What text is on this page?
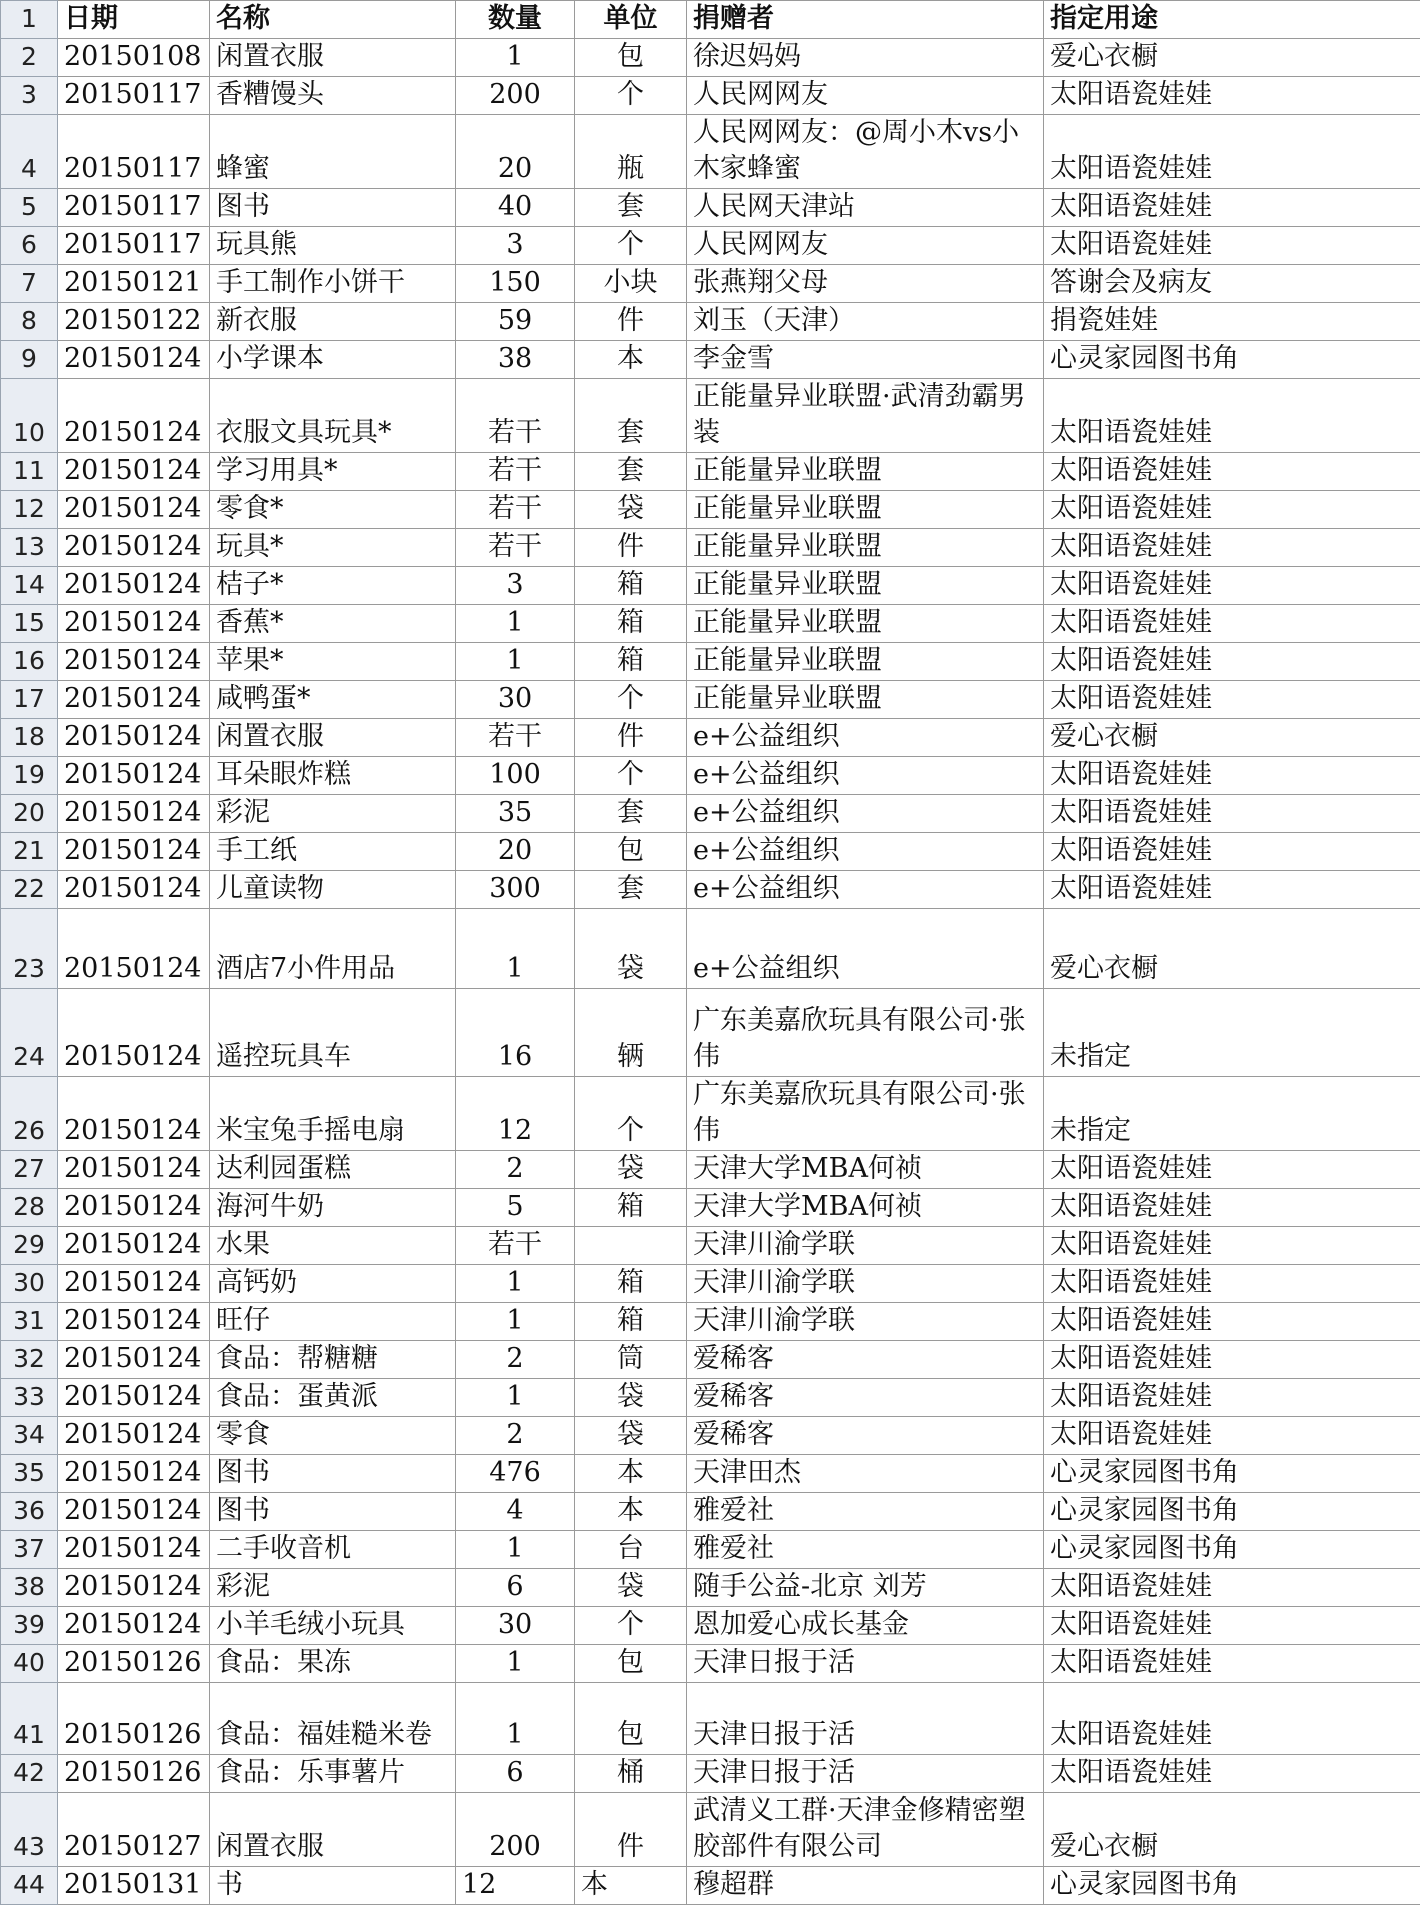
1	日期	名称	数量	单位	捐赠者	指定用途
2	20150108	闲置衣服	1	包	徐迟妈妈	爱心衣橱
3	20150117	香糟馒头	200	个	人民网网友	太阳语瓷娃娃
4	20150117	蜂蜜	20	瓶	人民网网友：@周小木vs小木家蜂蜜	太阳语瓷娃娃
5	20150117	图书	40	套	人民网天津站	太阳语瓷娃娃
6	20150117	玩具熊	3	个	人民网网友	太阳语瓷娃娃
7	20150121	手工制作小饼干	150	小块	张燕翔父母	答谢会及病友
8	20150122	新衣服	59	件	刘玉（天津）	捐瓷娃娃
9	20150124	小学课本	38	本	李金雪	心灵家园图书角
10	20150124	衣服文具玩具*	若干	套	正能量异业联盟·武清劲霸男装	太阳语瓷娃娃
11	20150124	学习用具*	若干	套	正能量异业联盟	太阳语瓷娃娃
12	20150124	零食*	若干	袋	正能量异业联盟	太阳语瓷娃娃
13	20150124	玩具*	若干	件	正能量异业联盟	太阳语瓷娃娃
14	20150124	桔子*	3	箱	正能量异业联盟	太阳语瓷娃娃
15	20150124	香蕉*	1	箱	正能量异业联盟	太阳语瓷娃娃
16	20150124	苹果*	1	箱	正能量异业联盟	太阳语瓷娃娃
17	20150124	咸鸭蛋*	30	个	正能量异业联盟	太阳语瓷娃娃
18	20150124	闲置衣服	若干	件	e+公益组织	爱心衣橱
19	20150124	耳朵眼炸糕	100	个	e+公益组织	太阳语瓷娃娃
20	20150124	彩泥	35	套	e+公益组织	太阳语瓷娃娃
21	20150124	手工纸	20	包	e+公益组织	太阳语瓷娃娃
22	20150124	儿童读物	300	套	e+公益组织	太阳语瓷娃娃
23	20150124	酒店7小件用品	1	袋	e+公益组织	爱心衣橱
24	20150124	遥控玩具车	16	辆	广东美嘉欣玩具有限公司·张伟	未指定
26	20150124	米宝兔手摇电扇	12	个	广东美嘉欣玩具有限公司·张伟	未指定
27	20150124	达利园蛋糕	2	袋	天津大学MBA何祯	太阳语瓷娃娃
28	20150124	海河牛奶	5	箱	天津大学MBA何祯	太阳语瓷娃娃
29	20150124	水果	若干		天津川渝学联	太阳语瓷娃娃
30	20150124	高钙奶	1	箱	天津川渝学联	太阳语瓷娃娃
31	20150124	旺仔	1	箱	天津川渝学联	太阳语瓷娃娃
32	20150124	食品：帮糖糖	2	筒	爱稀客	太阳语瓷娃娃
33	20150124	食品：蛋黄派	1	袋	爱稀客	太阳语瓷娃娃
34	20150124	零食	2	袋	爱稀客	太阳语瓷娃娃
35	20150124	图书	476	本	天津田杰	心灵家园图书角
36	20150124	图书	4	本	雅爱社	心灵家园图书角
37	20150124	二手收音机	1	台	雅爱社	心灵家园图书角
38	20150124	彩泥	6	袋	随手公益-北京 刘芳	太阳语瓷娃娃
39	20150124	小羊毛绒小玩具	30	个	恩加爱心成长基金	太阳语瓷娃娃
40	20150126	食品：果冻	1	包	天津日报于活	太阳语瓷娃娃
41	20150126	食品：福娃糙米卷	1	包	天津日报于活	太阳语瓷娃娃
42	20150126	食品：乐事薯片	6	桶	天津日报于活	太阳语瓷娃娃
43	20150127	闲置衣服	200	件	武清义工群·天津金修精密塑胶部件有限公司	爱心衣橱
44	20150131	书	12	本	穆超群	心灵家园图书角
